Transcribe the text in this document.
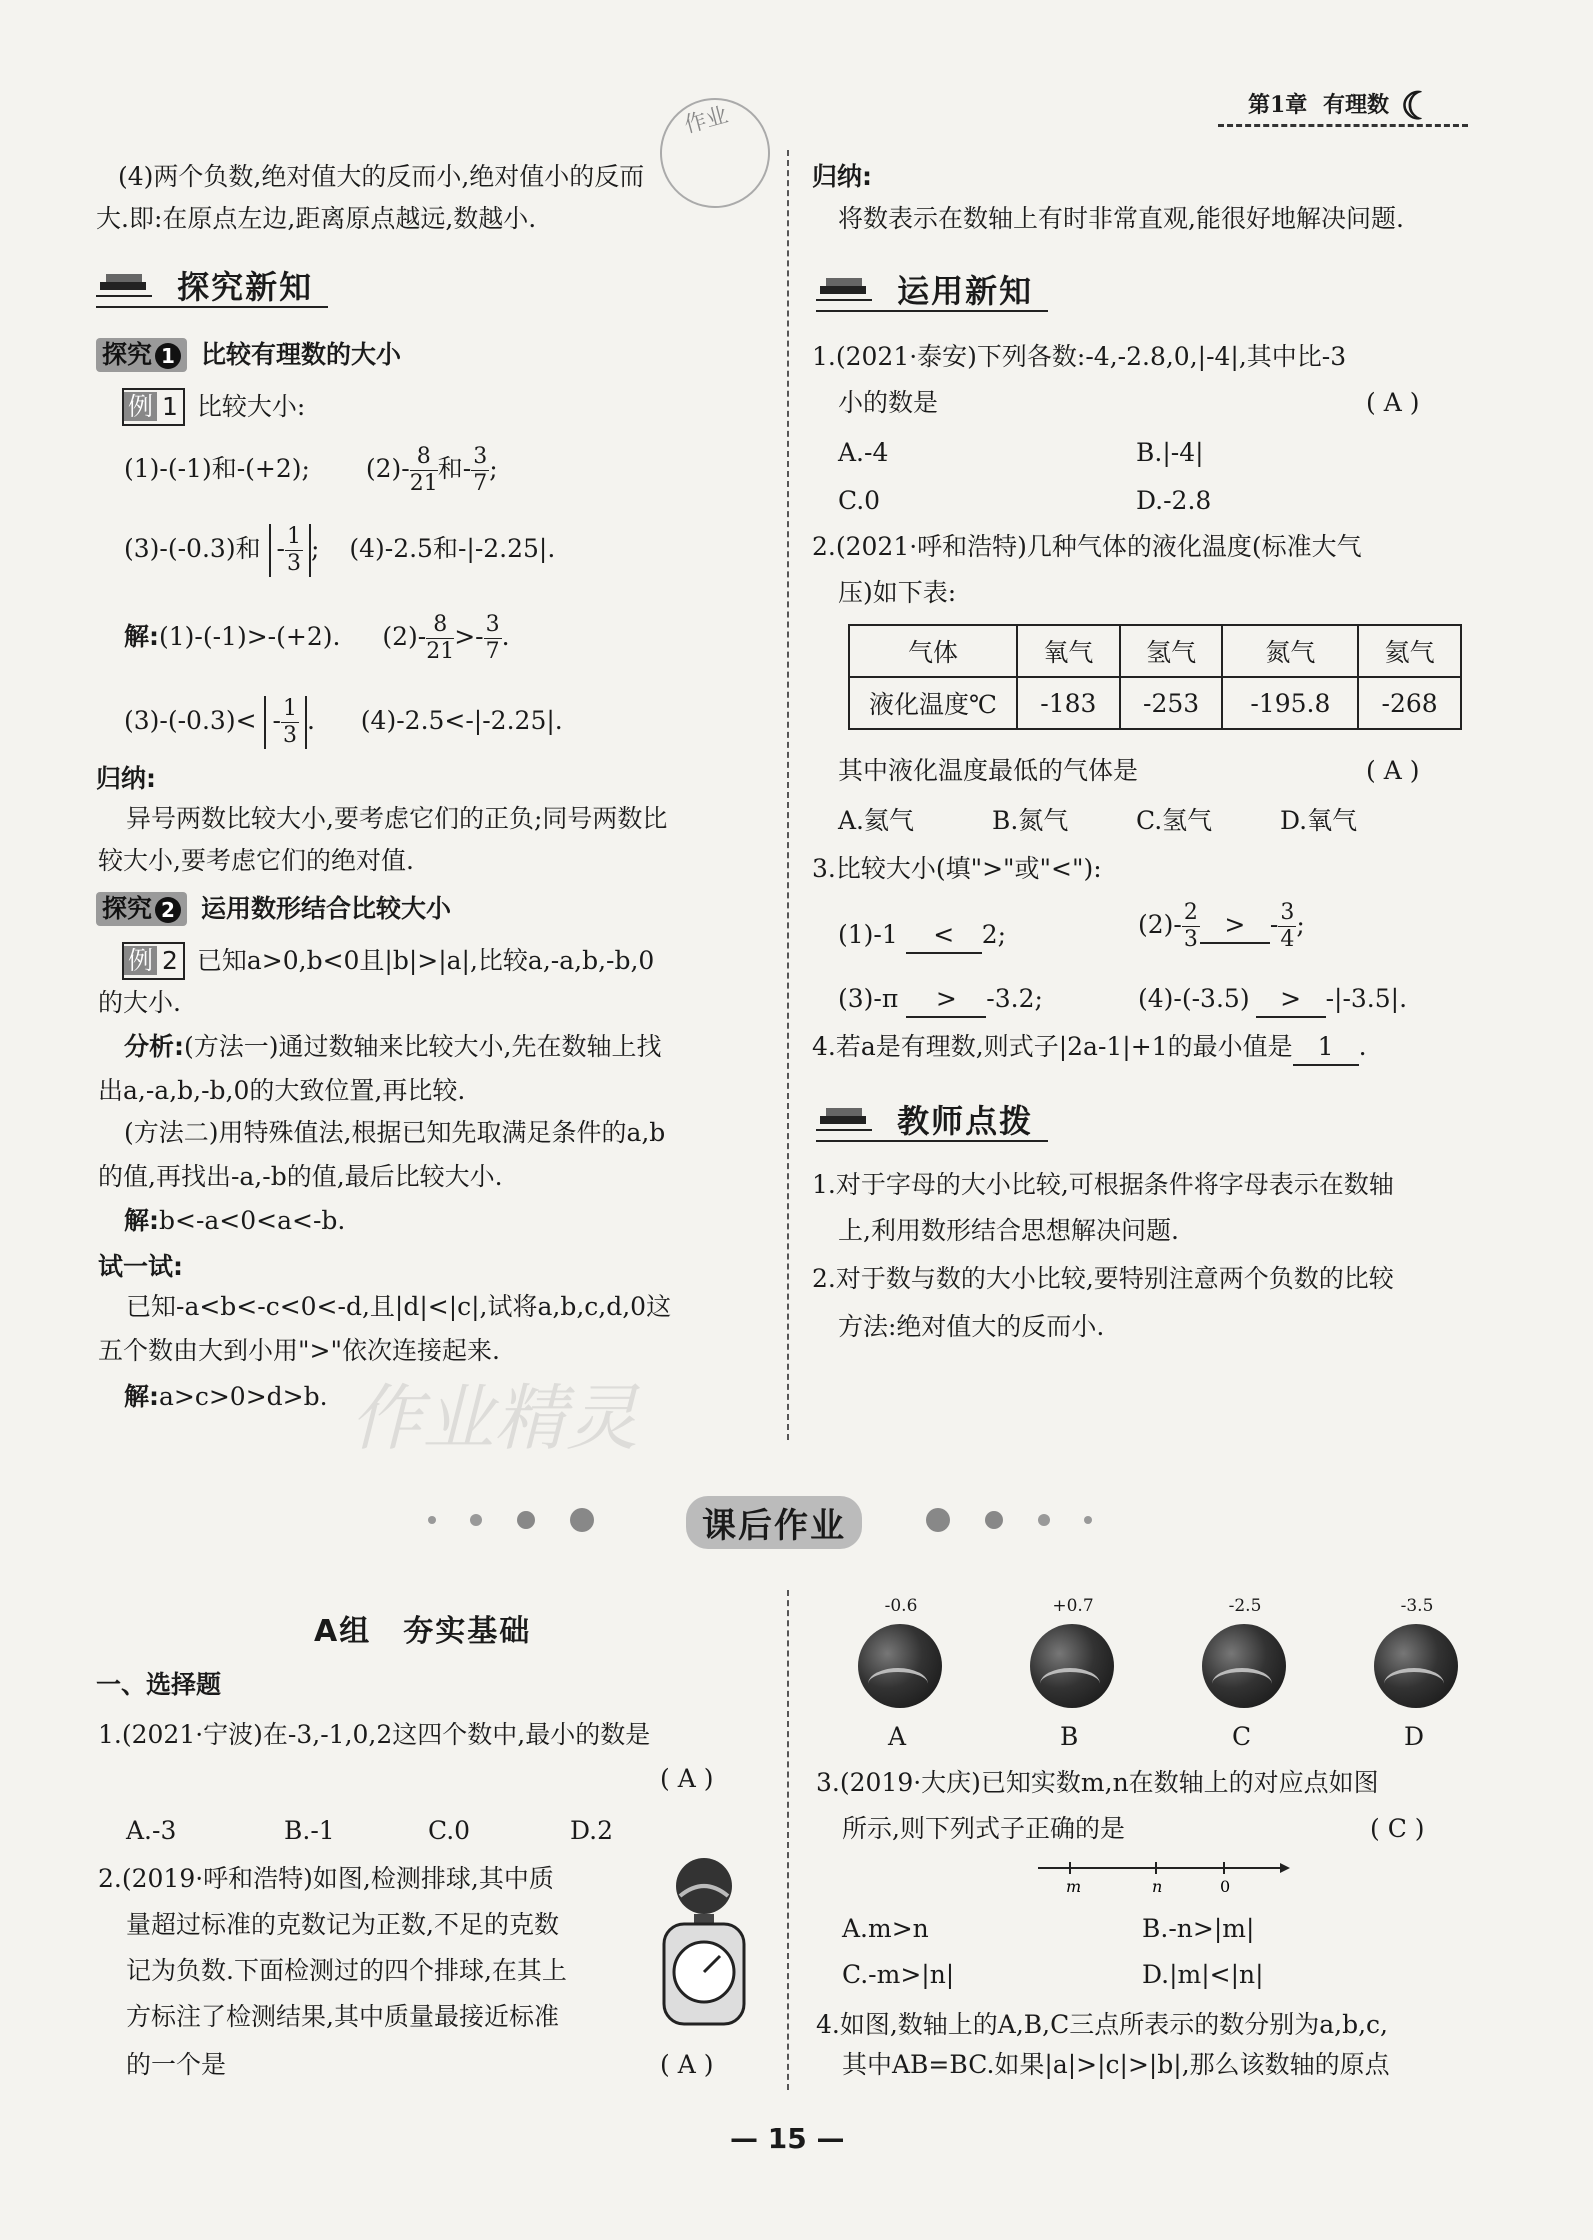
第1章 有理数 ☾
作业
(4)两个负数,绝对值大的反而小,绝对值小的反而
大.即:在原点左边,距离原点越远,数越小.
探究新知
探究 1 比较有理数的大小
例 1 比较大小:
(1)-(-1)和-(+2); $(2)- \frac{8}{21}$ 和- $\frac{3}{7}$ ;
(3)-(-0.3)和 - $\frac{1}{3}$ ; (4)-2.5和-|-2.25|.
解:(1)-(-1)>-(+2). $(2)- \frac{8}{21} >- \frac{3}{7}$ .
$(3)-(-0.3)< - \frac{1}{3}$ . (4)-2.5<-|-2.25|.
归纳:
异号两数比较大小,要考虑它们的正负;同号两数比
较大小,要考虑它们的绝对值.
探究 2 运用数形结合比较大小
例 2 已知a>0,b<0且|b|>|a|,比较a,-a,b,-b,0
的大小.
分析:(方法一)通过数轴来比较大小,先在数轴上找
出a,-a,b,-b,0的大致位置,再比较.
(方法二)用特殊值法,根据已知先取满足条件的a,b
的值,再找出-a,-b的值,最后比较大小.
解:b<-a<0<a<-b.
试一试:
已知-a<b<-c<0<-d,且|d|<|c|,试将a,b,c,d,0这
五个数由大到小用">"依次连接起来.
解:a>c>0>d>b. 作业精灵
归纳:
将数表示在数轴上有时非常直观,能很好地解决问题.
运用新知
1.(2021·泰安)下列各数:-4,-2.8,0,|-4|,其中比-3
小的数是	( A )
A.-4	B.|-4|
C.0	D.-2.8
2.(2021·呼和浩特)几种气体的液化温度(标准大气
压)如下表:
气体	氧气	氢气	氮气	氦气
液化温度℃	-183	-253	-195.8	-268
其中液化温度最低的气体是	( A )
A.氦气	B.氮气	C.氢气	D.氧气
3.比较大小(填">"或"<"):
(1)-1 < 2;	$(2)- \frac{2}{3}$ > - $\frac{3}{4}$ ;
(3)-π > -3.2;	(4)-(-3.5) > -|-3.5|.
4.若a是有理数,则式子|2a-1|+1的最小值是 1 .
教师点拨
1.对于字母的大小比较,可根据条件将字母表示在数轴
上,利用数形结合思想解决问题.
2.对于数与数的大小比较,要特别注意两个负数的比较
方法:绝对值大的反而小.
课后作业
A组　夯实基础
一、选择题
1.(2021·宁波)在-3,-1,0,2这四个数中,最小的数是
( A )
A.-3	B.-1	C.0	D.2
2.(2019·呼和浩特)如图,检测排球,其中质
量超过标准的克数记为正数,不足的克数
记为负数.下面检测过的四个排球,在其上
方标注了检测结果,其中质量最接近标准
的一个是	( A )
-0.6
A
+0.7
B
-2.5
C
-3.5
D
3.(2019·大庆)已知实数m,n在数轴上的对应点如图
所示,则下列式子正确的是	( C )
m	n	0
A.m>n	B.-n>|m|
C.-m>|n|	D.|m|<|n|
4.如图,数轴上的A,B,C三点所表示的数分别为a,b,c,
其中AB=BC.如果|a|>|c|>|b|,那么该数轴的原点
— 15 —
